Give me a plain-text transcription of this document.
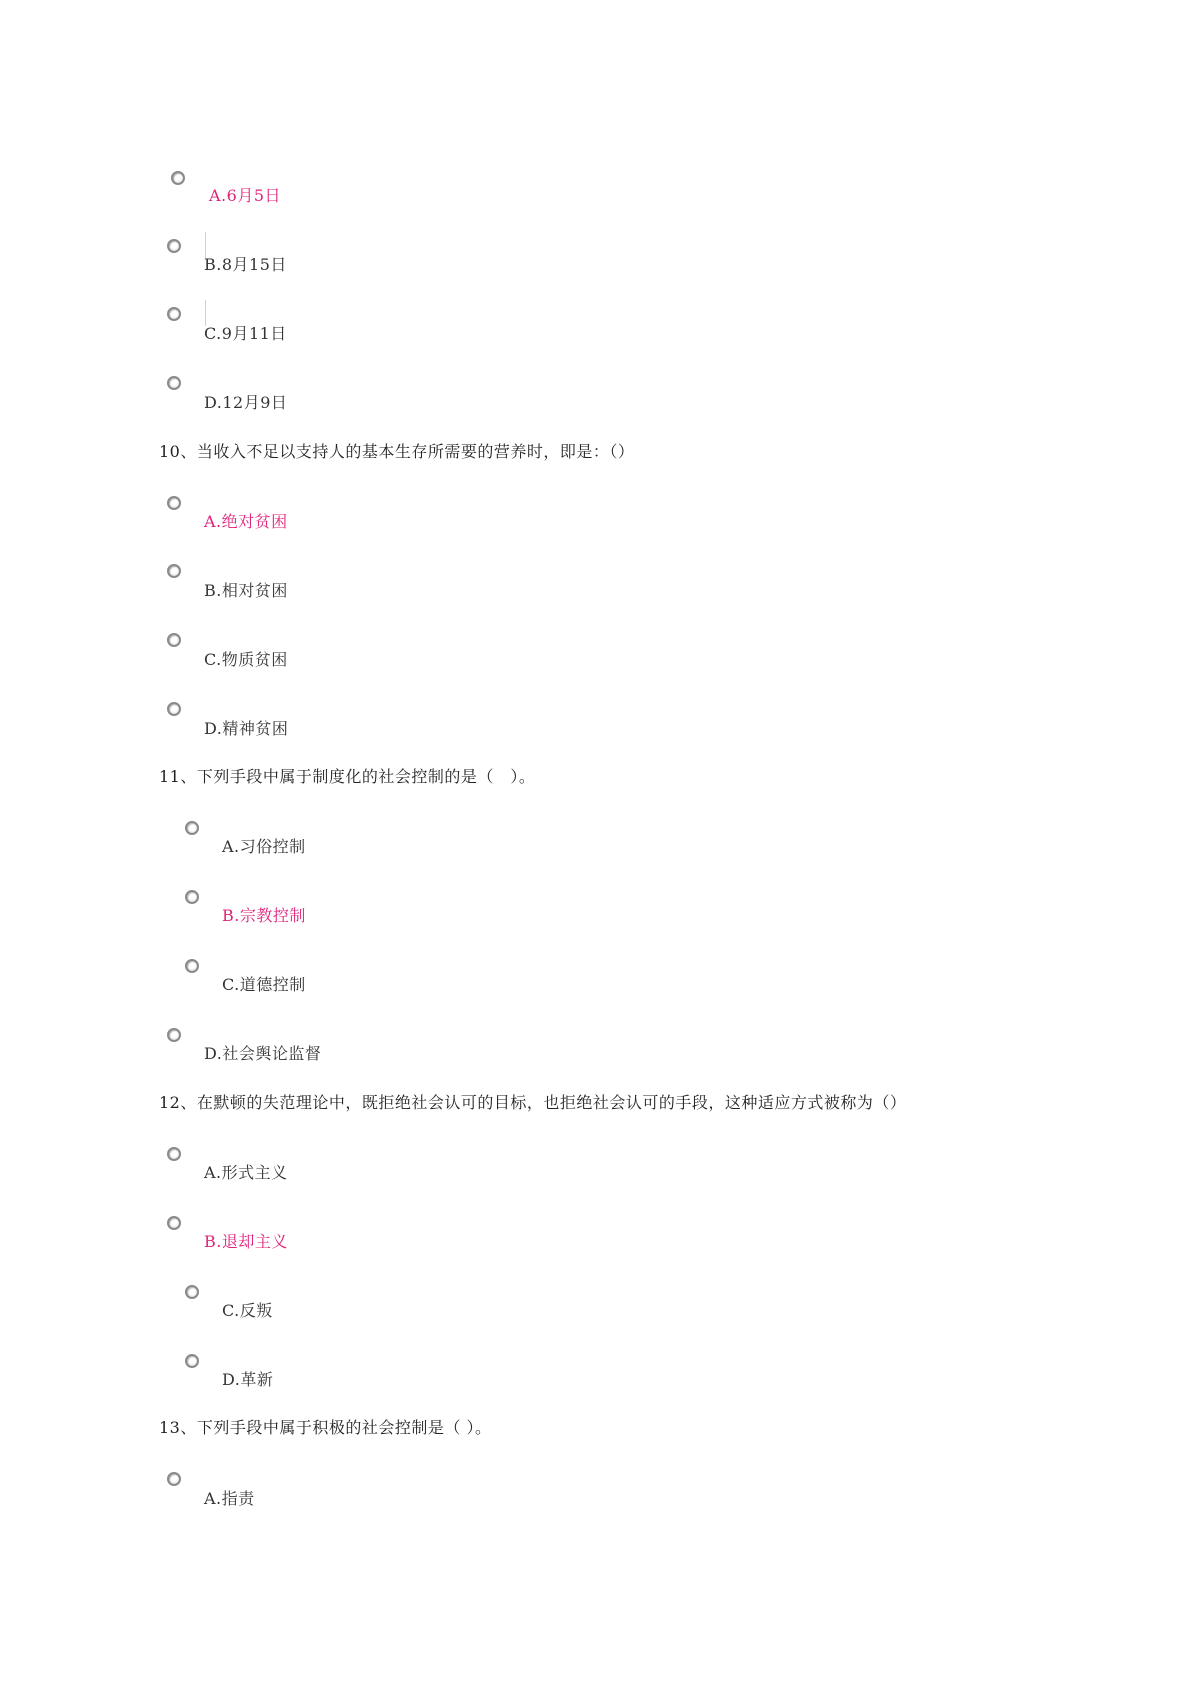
A.6月5日
B.8月15日
C.9月11日
D.12月9日
10、当收入不足以支持人的基本生存所需要的营养时，即是：（）
A.绝对贫困
B.相对贫困
C.物质贫困
D.精神贫困
11、下列手段中属于制度化的社会控制的是（　）。
A.习俗控制
B.宗教控制
C.道德控制
D.社会舆论监督
12、在默顿的失范理论中，既拒绝社会认可的目标，也拒绝社会认可的手段，这种适应方式被称为（）
A.形式主义
B.退却主义
C.反叛
D.革新
13、下列手段中属于积极的社会控制是（ ）。
A.指责
